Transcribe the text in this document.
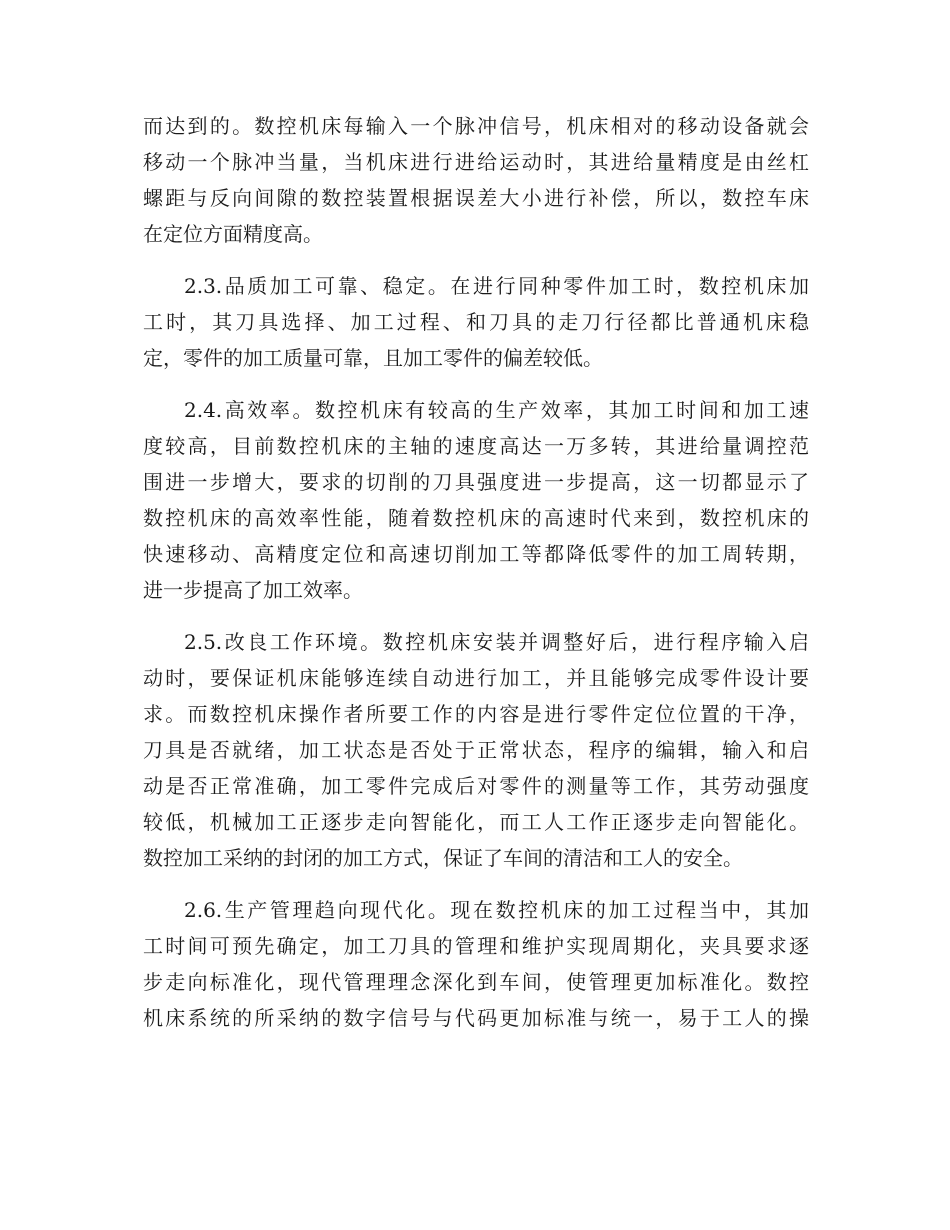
而达到的。数控机床每输入一个脉冲信号，机床相对的移动设备就会
移动一个脉冲当量，当机床进行进给运动时，其进给量精度是由丝杠
螺距与反向间隙的数控装置根据误差大小进行补偿，所以，数控车床
在定位方面精度高。
2.3.品质加工可靠、稳定。在进行同种零件加工时，数控机床加
工时，其刀具选择、加工过程、和刀具的走刀行径都比普通机床稳
定，零件的加工质量可靠，且加工零件的偏差较低。
2.4.高效率。数控机床有较高的生产效率，其加工时间和加工速
度较高，目前数控机床的主轴的速度高达一万多转，其进给量调控范
围进一步增大，要求的切削的刀具强度进一步提高，这一切都显示了
数控机床的高效率性能，随着数控机床的高速时代来到，数控机床的
快速移动、高精度定位和高速切削加工等都降低零件的加工周转期，
进一步提高了加工效率。
2.5.改良工作环境。数控机床安装并调整好后，进行程序输入启
动时，要保证机床能够连续自动进行加工，并且能够完成零件设计要
求。而数控机床操作者所要工作的内容是进行零件定位位置的干净，
刀具是否就绪，加工状态是否处于正常状态，程序的编辑，输入和启
动是否正常准确，加工零件完成后对零件的测量等工作，其劳动强度
较低，机械加工正逐步走向智能化，而工人工作正逐步走向智能化。
数控加工采纳的封闭的加工方式，保证了车间的清洁和工人的安全。
2.6.生产管理趋向现代化。现在数控机床的加工过程当中，其加
工时间可预先确定，加工刀具的管理和维护实现周期化，夹具要求逐
步走向标准化，现代管理理念深化到车间，使管理更加标准化。数控
机床系统的所采纳的数字信号与代码更加标准与统一，易于工人的操
